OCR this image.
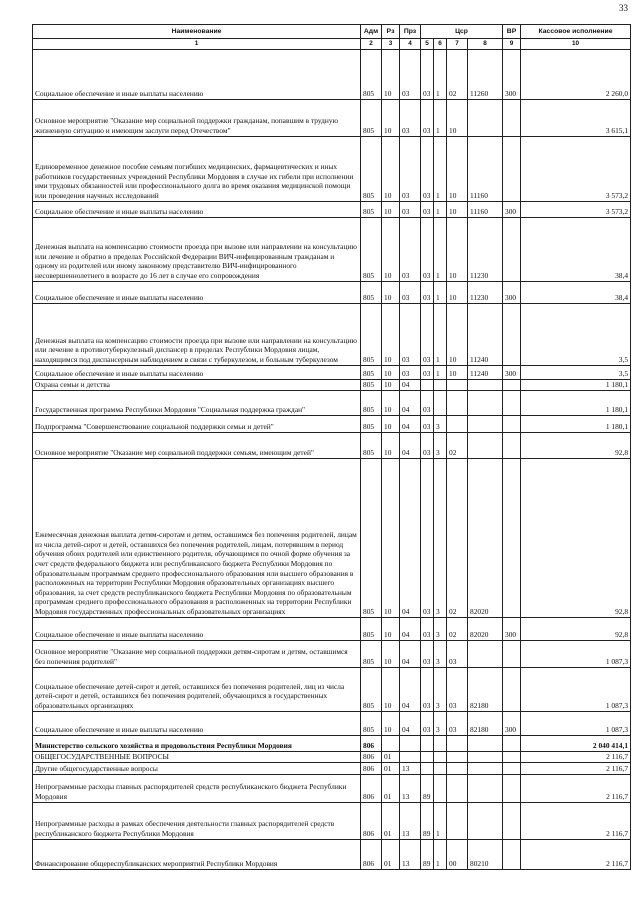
33
Наименование	Адм	Рз	Прз	Цср				ВР	Кассовое исполнение
1	2	3	4	5	6	7	8	9	10
Социальное обеспечение и иные выплаты населению	805	10	03	03	1	02	11260	300	2 260,0
Основное мероприятие "Оказание мер социальной поддержки гражданам, попавшим в трудную жизненную ситуацию и имеющим заслуги перед Отечеством"	805	10	03	03	1	10			3 615,1
Единовременное денежное пособие семьям погибших медицинских, фармацевтических и иных работников государственных учреждений Республики Мордовия в случае их гибели при исполнении ими трудовых обязанностей или профессионального долга во время оказания медицинской помощи или проведения научных исследований	805	10	03	03	1	10	11160		3 573,2
Социальное обеспечение и иные выплаты населению	805	10	03	03	1	10	11160	300	3 573,2
Денежная выплата на компенсацию стоимости проезда при вызове или направлении на консультацию или лечение и обратно в пределах Российской Федерации ВИЧ-инфицированным гражданам и одному из родителей или иному законному представителю ВИЧ-инфицированного несовершеннолетнего в возрасте до 16 лет в случае его сопровождения	805	10	03	03	1	10	11230		38,4
Социальное обеспечение и иные выплаты населению	805	10	03	03	1	10	11230	300	38,4
Денежная выплата на компенсацию стоимости проезда при вызове или направлении на консультацию или лечение в противотуберкулезный диспансер в пределах Республики Мордовия лицам, находящимся под диспансерным наблюдением в связи с туберкулезом, и больным туберкулезом	805	10	03	03	1	10	11240		3,5
Социальное обеспечение и иные выплаты населению	805	10	03	03	1	10	11240	300	3,5
Охрана семьи и детства	805	10	04						1 180,1
Государственная программа Республики Мордовия "Социальная поддержка граждан"	805	10	04	03					1 180,1
Подпрограмма "Совершенствование социальной поддержки семьи и детей"	805	10	04	03	3				1 180,1
Основное мероприятие "Оказание мер социальной поддержки семьям, имеющим детей"	805	10	04	03	3	02			92,8
Ежемесячная денежная выплата детям-сиротам и детям, оставшимся без попечения родителей, лицам из числа детей-сирот и детей, оставшихся без попечения родителей, лицам, потерявшим в период обучения обоих родителей или единственного родителя, обучающимся по очной форме обучения за счет средств федерального бюджета или республиканского бюджета Республики Мордовия по образовательным программам среднего профессионального образования или высшего образования в расположенных на территории Республики Мордовия образовательных организациях высшего образования, за счет средств республиканского бюджета Республики Мордовия по образовательным программам среднего профессионального образования в расположенных на территории Республики Мордовия государственных профессиональных образовательных организациях	805	10	04	03	3	02	82020		92,8
Социальное обеспечение и иные выплаты населению	805	10	04	03	3	02	82020	300	92,8
Основное мероприятие "Оказание мер социальной поддержки детям-сиротам и детям, оставшимся без попечения родителей"	805	10	04	03	3	03			1 087,3
Социальное обеспечение детей-сирот и детей, оставшихся без попечения родителей, лиц из числа детей-сирот и детей, оставшихся без попечения родителей, обучающихся в государственных образовательных организациях	805	10	04	03	3	03	82180		1 087,3
Социальное обеспечение и иные выплаты населению	805	10	04	03	3	03	82180	300	1 087,3
Министерство сельского хозяйства и продовольствия Республики Мордовия	806								2 040 414,1
ОБЩЕГОСУДАРСТВЕННЫЕ ВОПРОСЫ	806	01							2 116,7
Другие общегосударственные вопросы	806	01	13						2 116,7
Непрограммные расходы главных распорядителей средств республиканского бюджета Республики Мордовия	806	01	13	89					2 116,7
Непрограммные расходы в рамках обеспечения деятельности главных распорядителей средств республиканского бюджета Республики Мордовия	806	01	13	89	1				2 116,7
Финансирование общереспубликанских мероприятий Республики Мордовия	806	01	13	89	1	00	80210		2 116,7
